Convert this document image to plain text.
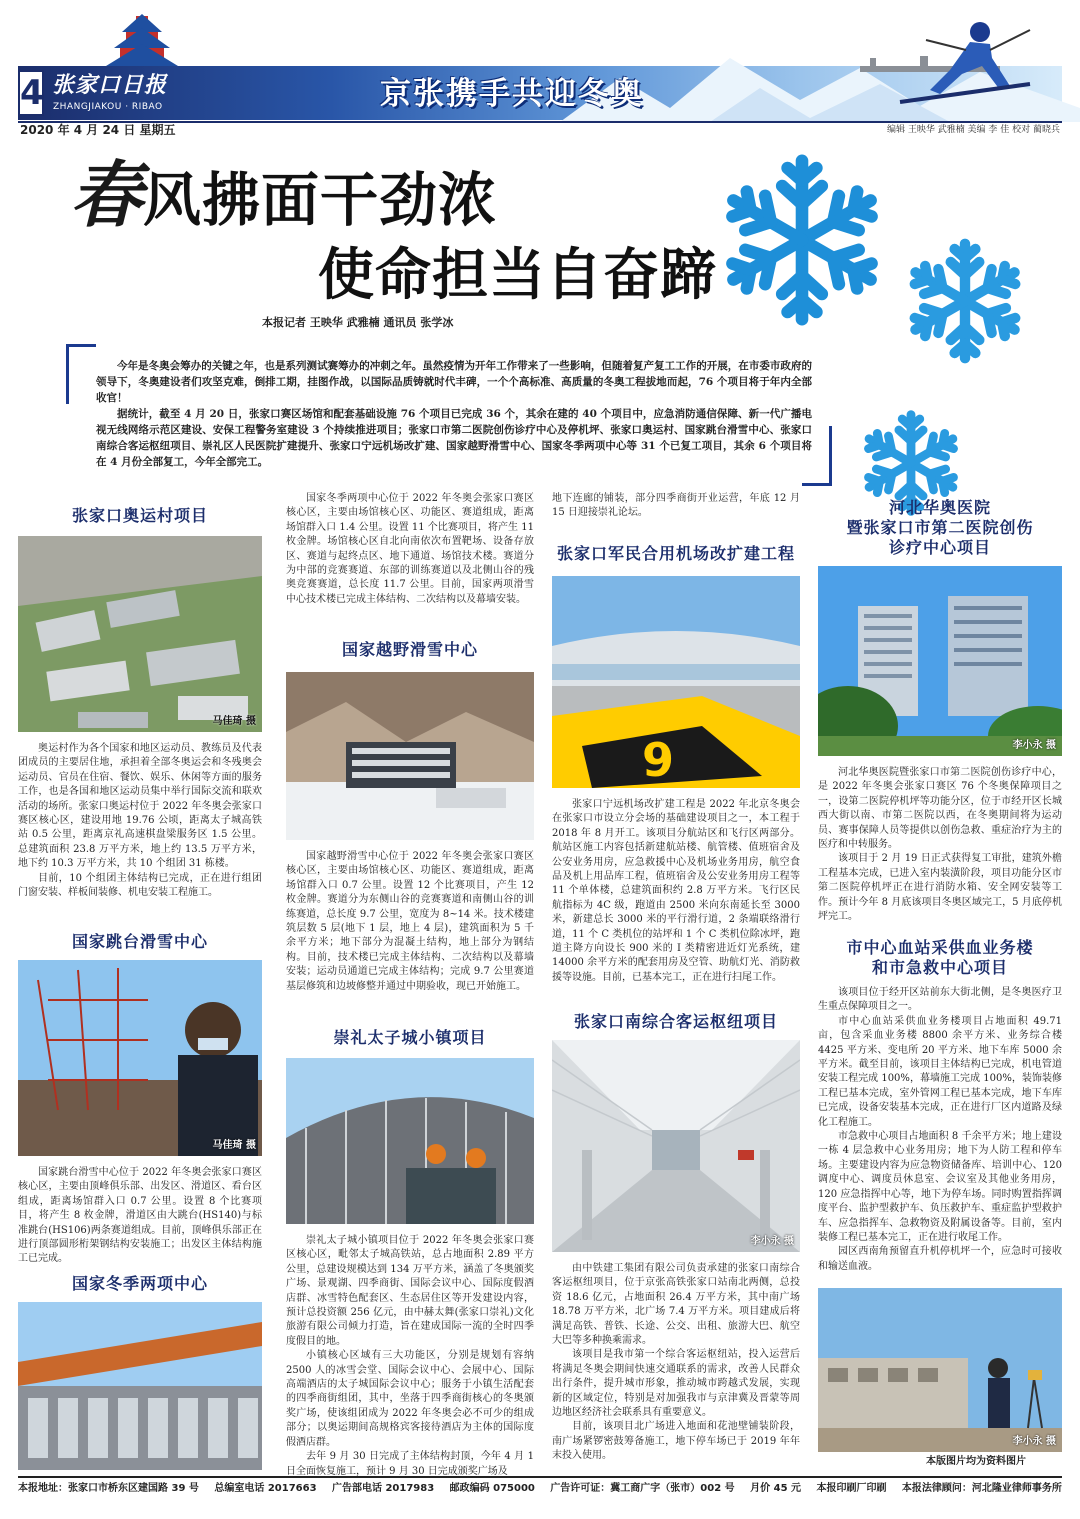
4 张家口日报
ZHANGJIAKOU · RIBAO	京张携手共迎冬奥
2020 年 4 月 24 日 星期五	编辑 王映华 武雅楠 美编 李 佳 校对 蔺晓兵
春风拂面干劲浓
使命担当自奋蹄
本报记者 王映华 武雅楠 通讯员 张学冰

今年是冬奥会筹办的关键之年，也是系列测试赛筹办的冲刺之年。虽然疫情为开年工作带来了一些影响，但随着复产复工工作的开展，在市委市政府的领导下，冬奥建设者们攻坚克难，倒排工期，挂图作战，以国际品质铸就时代丰碑，一个个高标准、高质量的冬奥工程拔地而起，76 个项目将于年内全部收官！

据统计，截至 4 月 20 日，张家口赛区场馆和配套基础设施 76 个项目已完成 36 个，其余在建的 40 个项目中，应急消防通信保障、新一代广播电视无线网络示范区建设、安保工程警务室建设 3 个持续推进项目；张家口市第二医院创伤诊疗中心及停机坪、张家口奥运村、国家跳台滑雪中心、张家口南综合客运枢纽项目、崇礼区人民医院扩建提升、张家口宁远机场改扩建、国家越野滑雪中心、国家冬季两项中心等 31 个已复工项目，其余 6 个项目将在 4 月份全部复工，今年全部完工。

张家口奥运村项目
马佳琦 摄

奥运村作为各个国家和地区运动员、教练员及代表团成员的主要居住地，承担着全部冬奥运会和冬残奥会运动员、官员在住宿、餐饮、娱乐、休闲等方面的服务工作，也是各国和地区运动员集中举行国际交流和联欢活动的场所。张家口奥运村位于 2022 年冬奥会张家口赛区核心区，建设用地 19.76 公顷，距离太子城高铁站 0.5 公里，距离京礼高速棋盘梁服务区 1.5 公里。总建筑面积 23.8 万平方米，地上约 13.5 万平方米，地下约 10.3 万平方米，共 10 个组团 31 栋楼。

目前，10 个组团主体结构已完成，正在进行组团门窗安装、样板间装修、机电安装工程施工。

国家跳台滑雪中心
马佳琦 摄

国家跳台滑雪中心位于 2022 年冬奥会张家口赛区核心区，主要由顶峰俱乐部、出发区、滑道区、看台区组成，距离场馆群入口 0.7 公里。设置 8 个比赛项目，将产生 8 枚金牌，滑道区由大跳台(HS140)与标准跳台(HS106)两条赛道组成。目前，顶峰俱乐部正在进行顶部圆形桁架钢结构安装施工；出发区主体结构施工已完成。

国家冬季两项中心

国家冬季两项中心位于 2022 年冬奥会张家口赛区核心区，主要由场馆核心区、功能区、赛道组成，距离场馆群入口 1.4 公里。设置 11 个比赛项目，将产生 11 枚金牌。场馆核心区自北向南依次布置靶场、设备存放区、赛道与起终点区、地下通道、场馆技术楼。赛道分为中部的竞赛赛道、东部的训练赛道以及北侧山谷的残奥竞赛赛道，总长度 11.7 公里。目前，国家两项滑雪中心技术楼已完成主体结构、二次结构以及幕墙安装。

国家越野滑雪中心

国家越野滑雪中心位于 2022 年冬奥会张家口赛区核心区，主要由场馆核心区、功能区、赛道组成，距离场馆群入口 0.7 公里。设置 12 个比赛项目，产生 12 枚金牌。赛道分为东侧山谷的竞赛赛道和南侧山谷的训练赛道，总长度 9.7 公里，宽度为 8~14 米。技术楼建筑层数 5 层(地下 1 层，地上 4 层)，建筑面积为 5 千余平方米；地下部分为混凝土结构，地上部分为钢结构。目前，技术楼已完成主体结构、二次结构以及幕墙安装；运动员通道已完成主体结构；完成 9.7 公里赛道基层修筑和边坡修整并通过中期验收，现已开始施工。

崇礼太子城小镇项目

崇礼太子城小镇项目位于 2022 年冬奥会张家口赛区核心区，毗邻太子城高铁站，总占地面积 2.89 平方公里，总建设规模达到 134 万平方米，涵盖了冬奥颁奖广场、景观湖、四季商街、国际会议中心、国际度假酒店群、冰雪特色配套区、生态居住区等开发建设内容，预计总投资额 256 亿元，由中赫太舞(张家口崇礼)文化旅游有限公司倾力打造，旨在建成国际一流的全时四季度假目的地。

小镇核心区域有三大功能区，分别是规划有容纳 2500 人的冰雪会堂、国际会议中心、会展中心、国际高端酒店的太子城国际会议中心；服务于小镇生活配套的四季商街组团，其中，坐落于四季商街核心的冬奥颁奖广场，使该组团成为 2022 年冬奥会必不可少的组成部分；以奥运期间高规格宾客接待酒店为主体的国际度假酒店群。

去年 9 月 30 日完成了主体结构封顶，今年 4 月 1 日全面恢复施工，预计 9 月 30 日完成颁奖广场及

地下连廊的铺装，部分四季商街开业运营，年底 12 月 15 日迎接崇礼论坛。

张家口军民合用机场改扩建工程
9

张家口宁远机场改扩建工程是 2022 年北京冬奥会在张家口市设立分会场的基础建设项目之一，本工程于 2018 年 8 月开工。该项目分航站区和飞行区两部分。航站区施工内容包括新建航站楼、航管楼、值班宿舍及公安业务用房，应急救援中心及机场业务用房，航空食品及机上用品库工程，值班宿舍及公安业务用房工程等 11 个单体楼，总建筑面积约 2.8 万平方米。飞行区民航指标为 4C 级，跑道由 2500 米向东南延长至 3000 米，新建总长 3000 米的平行滑行道，2 条端联络滑行道，11 个 C 类机位的站坪和 1 个 C 类机位除冰坪，跑道主降方向设长 900 米的 I 类精密进近灯光系统，建 14000 余平方米的配套用房及空管、助航灯光、消防救援等设施。目前，已基本完工，正在进行扫尾工作。

张家口南综合客运枢纽项目
李小永 摄

由中铁建工集团有限公司负责承建的张家口南综合客运枢纽项目，位于京张高铁张家口站南北两侧，总投资 18.6 亿元，占地面积 26.4 万平方米，其中南广场 18.78 万平方米，北广场 7.4 万平方米。项目建成后将满足高铁、普铁、长途、公交、出租、旅游大巴、航空大巴等多种换乘需求。

该项目是我市第一个综合客运枢纽站，投入运营后将满足冬奥会期间快速交通联系的需求，改善人民群众出行条件，提升城市形象，推动城市跨越式发展，实现新的区域定位，特别是对加强我市与京津冀及晋蒙等周边地区经济社会联系具有重要意义。

目前，该项目北广场进入地面和花池壁铺装阶段，南广场紧锣密鼓筹备施工，地下停车场已于 2019 年年末投入使用。

河北华奥医院
暨张家口市第二医院创伤
诊疗中心项目
李小永 摄

河北华奥医院暨张家口市第二医院创伤诊疗中心，是 2022 年冬奥会张家口赛区 76 个冬奥保障项目之一，设第二医院停机坪等功能分区，位于市经开区长城西大街以南、市第二医院以西，在冬奥期间将为运动员、赛事保障人员等提供以创伤急救、重症治疗为主的医疗和中转服务。

该项目于 2 月 19 日正式获得复工审批，建筑外檐工程基本完成，已进入室内装潢阶段，项目功能分区市第二医院停机坪正在进行消防水箱、安全网安装等工作。预计今年 8 月底该项目冬奥区域完工，5 月底停机坪完工。

市中心血站采供血业务楼
和市急救中心项目

该项目位于经开区站前东大街北侧，是冬奥医疗卫生重点保障项目之一。

市中心血站采供血业务楼项目占地面积 49.71 亩，包含采血业务楼 8800 余平方米、业务综合楼 4425 平方米、变电所 20 平方米、地下车库 5000 余平方米。截至目前，该项目主体结构已完成，机电管道安装工程完成 100%，幕墙施工完成 100%，装饰装修工程已基本完成，室外管网工程已基本完成，地下车库已完成，设备安装基本完成，正在进行厂区内道路及绿化工程施工。

市急救中心项目占地面积 8 千余平方米；地上建设一栋 4 层急救中心业务用房；地下为人防工程和停车场。主要建设内容为应急物资储备库、培训中心、120 调度中心、调度员休息室、会议室及其他业务用房，120 应急指挥中心等，地下为停车场。同时购置指挥调度平台、监护型救护车、负压救护车、重症监护型救护车、应急指挥车、急救物资及附属设备等。目前，室内装修工程已基本完工，正在进行收尾工作。

园区西南角预留直升机停机坪一个，应急时可接收和输送血液。

李小永 摄
本版图片均为资料图片
本报地址：张家口市桥东区建国路 39 号 总编室电话 2017663 广告部电话 2017983 邮政编码 075000 广告许可证：冀工商广字（张市）002 号 月价 45 元 本报印刷厂印刷 本报法律顾问：河北隆业律师事务所
